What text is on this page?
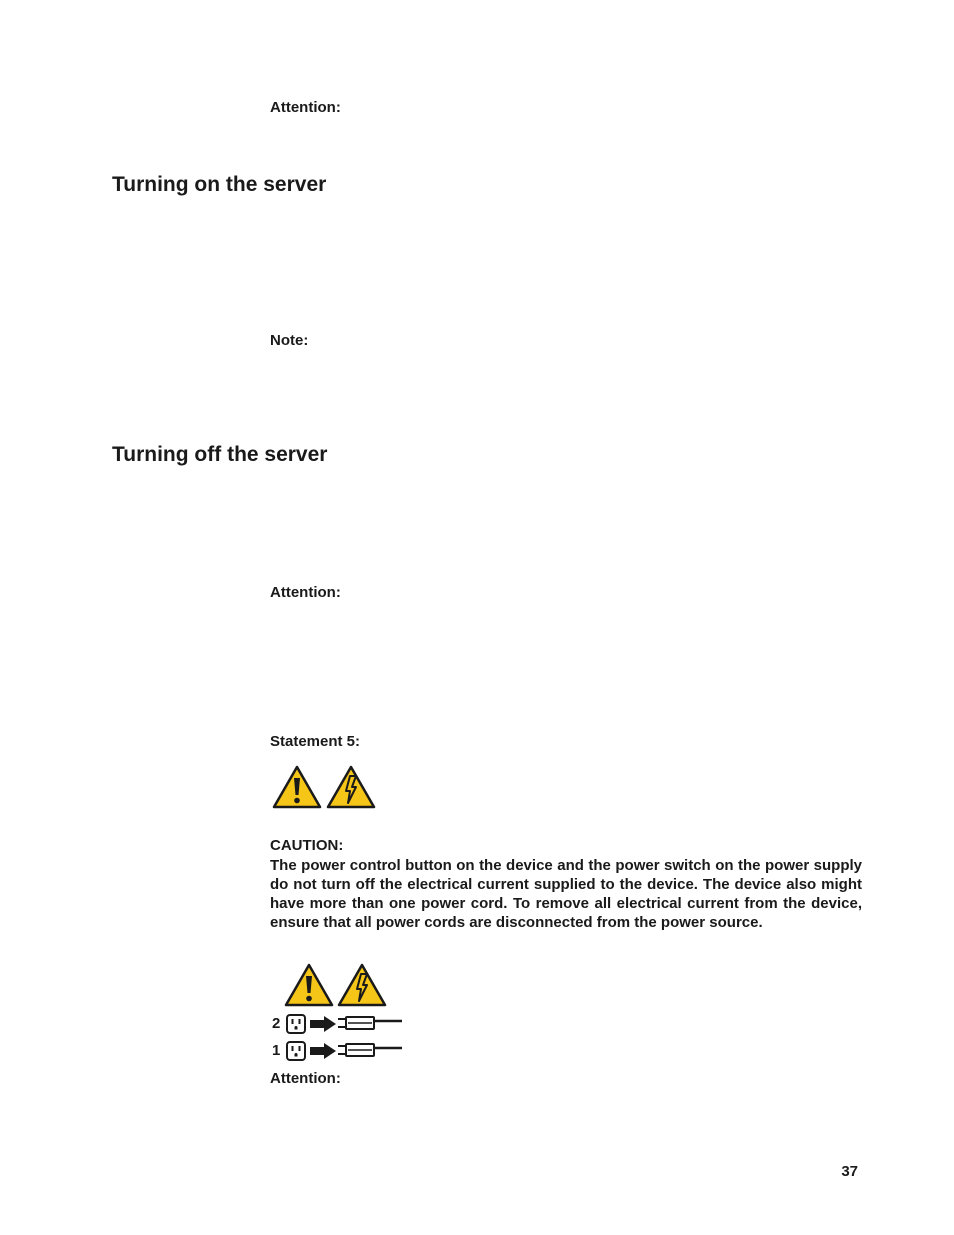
Attention:
Turning on the server
Note:
Turning off the server
Attention:
Statement 5:
CAUTION:
The power control button on the device and the power switch on the power supply do not turn off the electrical current supplied to the device. The device also might have more than one power cord. To remove all electrical current from the device, ensure that all power cords are disconnected from the power source.
2
1
Attention:
37
